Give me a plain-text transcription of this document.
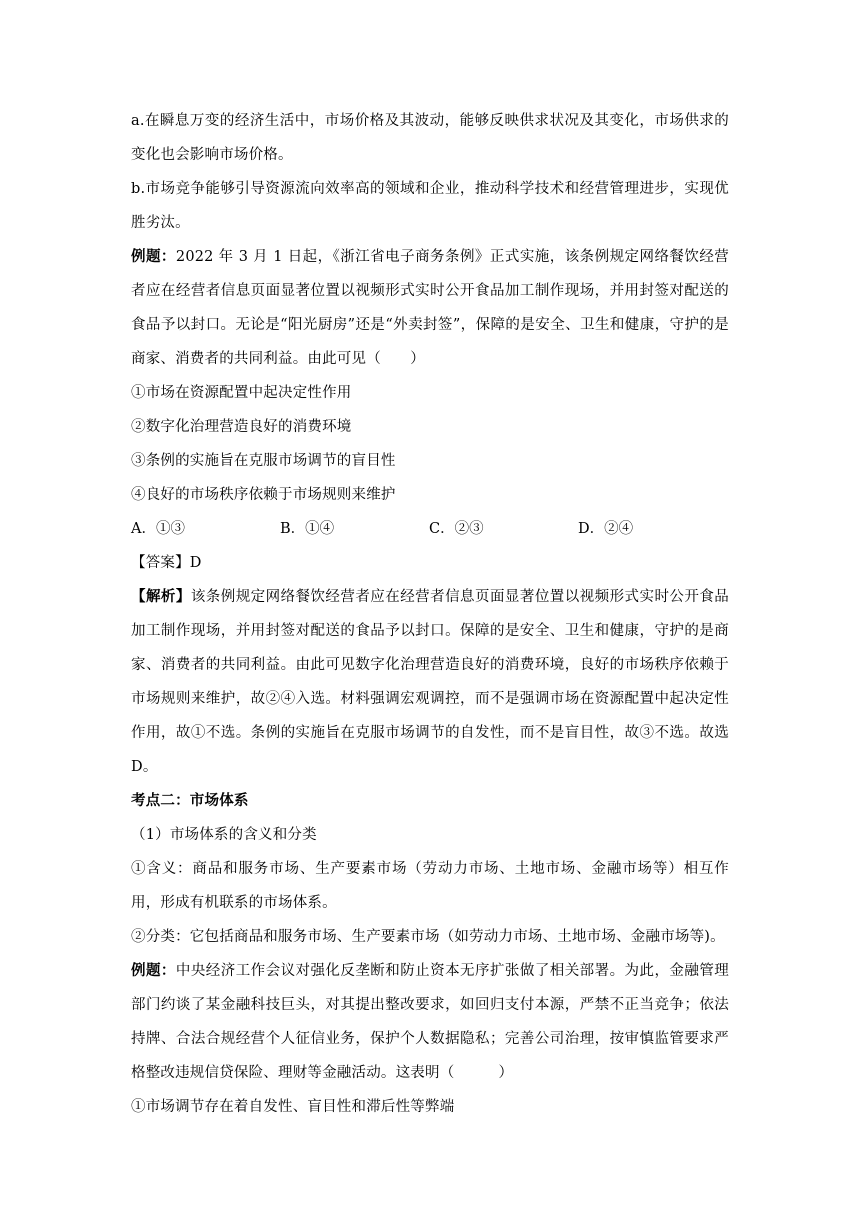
a.在瞬息万变的经济生活中，市场价格及其波动，能够反映供求状况及其变化，市场供求的变化也会影响市场价格。

b.市场竞争能够引导资源流向效率高的领域和企业，推动科学技术和经营管理进步，实现优胜劣汰。

例题：2022 年 3 月 1 日起，《浙江省电子商务条例》正式实施，该条例规定网络餐饮经营者应在经营者信息页面显著位置以视频形式实时公开食品加工制作现场，并用封签对配送的食品予以封口。无论是“阳光厨房”还是“外卖封签”，保障的是安全、卫生和健康，守护的是商家、消费者的共同利益。由此可见（　　）

①市场在资源配置中起决定性作用

②数字化治理营造良好的消费环境

③条例的实施旨在克服市场调节的盲目性

④良好的市场秩序依赖于市场规则来维护

A．①③	B．①④	C．②③	D．②④

【答案】D

【解析】该条例规定网络餐饮经营者应在经营者信息页面显著位置以视频形式实时公开食品加工制作现场，并用封签对配送的食品予以封口。保障的是安全、卫生和健康，守护的是商家、消费者的共同利益。由此可见数字化治理营造良好的消费环境，良好的市场秩序依赖于市场规则来维护，故②④入选。材料强调宏观调控，而不是强调市场在资源配置中起决定性作用，故①不选。条例的实施旨在克服市场调节的自发性，而不是盲目性，故③不选。故选 D。

考点二：市场体系

（1）市场体系的含义和分类

①含义：商品和服务市场、生产要素市场（劳动力市场、土地市场、金融市场等）相互作用，形成有机联系的市场体系。

②分类：它包括商品和服务市场、生产要素市场（如劳动力市场、土地市场、金融市场等)。

例题：中央经济工作会议对强化反垄断和防止资本无序扩张做了相关部署。为此，金融管理部门约谈了某金融科技巨头，对其提出整改要求，如回归支付本源，严禁不正当竞争；依法持牌、合法合规经营个人征信业务，保护个人数据隐私；完善公司治理，按审慎监管要求严格整改违规信贷保险、理财等金融活动。这表明（　　　）

①市场调节存在着自发性、盲目性和滞后性等弊端
